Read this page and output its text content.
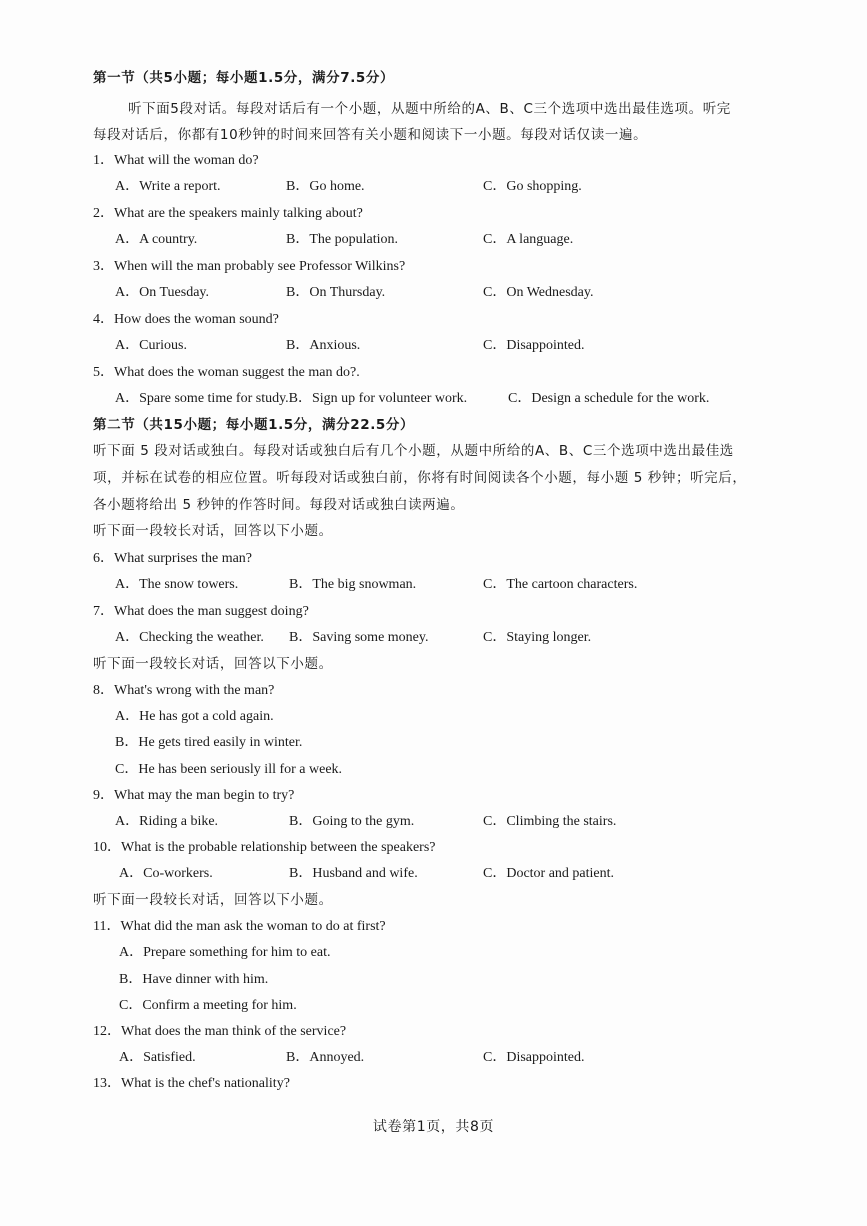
第一节（共5小题；每小题1.5分，满分7.5分）
听下面5段对话。每段对话后有一个小题，从题中所给的A、B、C三个选项中选出最佳选项。听完
每段对话后，你都有10秒钟的时间来回答有关小题和阅读下一小题。每段对话仅读一遍。
1．What will the woman do?
A．Write a report.	B．Go home.	C．Go shopping.
2．What are the speakers mainly talking about?
A．A country.	B．The population.	C．A language.
3．When will the man probably see Professor Wilkins?
A．On Tuesday.	B．On Thursday.	C．On Wednesday.
4．How does the woman sound?
A．Curious.	B．Anxious.	C．Disappointed.
5．What does the woman suggest the man do?.
A．Spare some time for study.B．Sign up for volunteer work.	C．Design a schedule for the work.
第二节（共15小题；每小题1.5分，满分22.5分）
听下面 5 段对话或独白。每段对话或独白后有几个小题，从题中所给的A、B、C三个选项中选出最佳选
项，并标在试卷的相应位置。听每段对话或独白前，你将有时间阅读各个小题，每小题 5 秒钟；听完后，
各小题将给出 5 秒钟的作答时间。每段对话或独白读两遍。
听下面一段较长对话，回答以下小题。
6．What surprises the man?
A．The snow towers.	B．The big snowman.	C．The cartoon characters.
7．What does the man suggest doing?
A．Checking the weather. B．Saving some money.	C．Staying longer.
听下面一段较长对话，回答以下小题。
8．What's wrong with the man?
A．He has got a cold again.
B．He gets tired easily in winter.
C．He has been seriously ill for a week.
9．What may the man begin to try?
A．Riding a bike.	B．Going to the gym.	C．Climbing the stairs.
10．What is the probable relationship between the speakers?
A．Co-workers.	B．Husband and wife.	C．Doctor and patient.
听下面一段较长对话，回答以下小题。
11．What did the man ask the woman to do at first?
A．Prepare something for him to eat.
B．Have dinner with him.
C．Confirm a meeting for him.
12．What does the man think of the service?
A．Satisfied.	B．Annoyed.	C．Disappointed.
13．What is the chef's nationality?
试卷第1页，共8页
